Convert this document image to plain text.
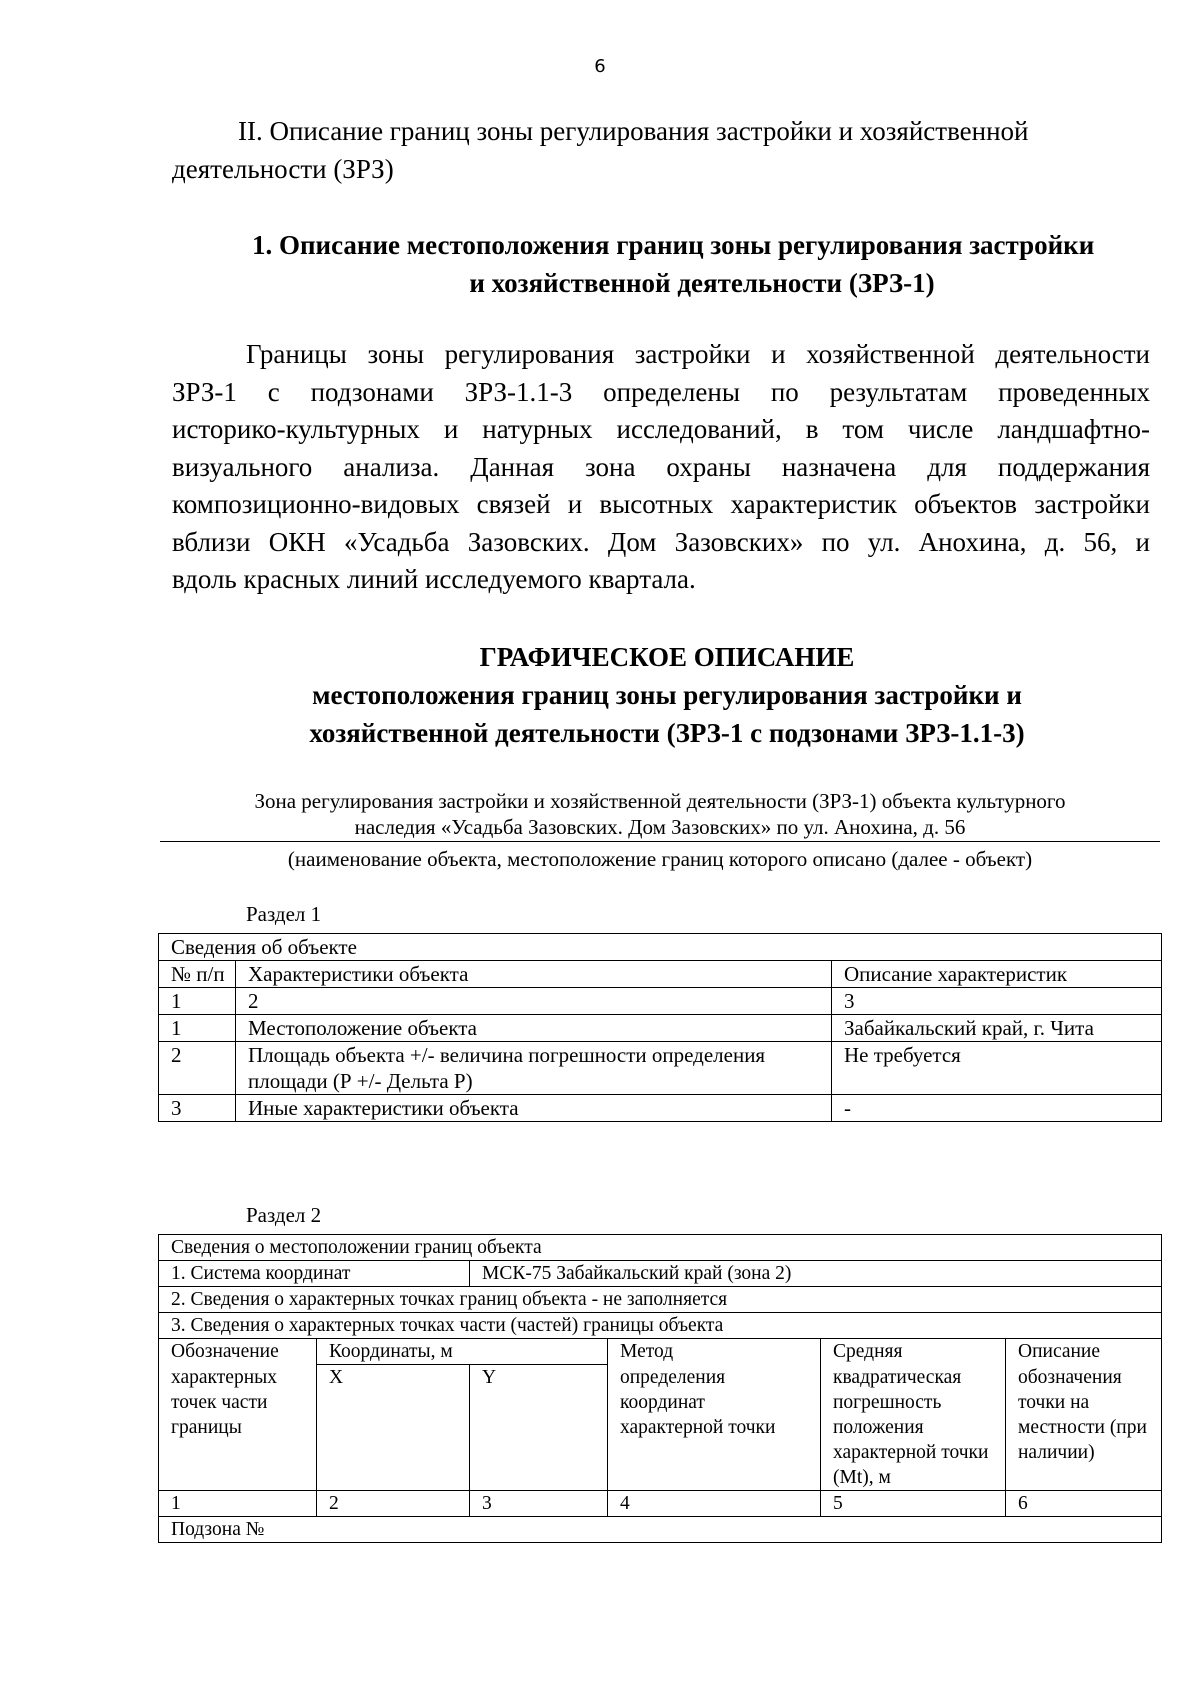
6
II. Описание границ зоны регулирования застройки и хозяйственной
деятельности (ЗРЗ)
1. Описание местоположения границ зоны регулирования застройки
и хозяйственной деятельности (ЗРЗ-1)
Границы зоны регулирования застройки и хозяйственной деятельности
ЗРЗ-1 с подзонами ЗРЗ-1.1-3 определены по результатам проведенных
историко-культурных и натурных исследований, в том числе ландшафтно-
визуального анализа. Данная зона охраны назначена для поддержания
композиционно-видовых связей и высотных характеристик объектов застройки
вблизи ОКН «Усадьба Зазовских. Дом Зазовских» по ул. Анохина, д. 56, и
вдоль красных линий исследуемого квартала.
ГРАФИЧЕСКОЕ ОПИСАНИЕ
местоположения границ зоны регулирования застройки и
хозяйственной деятельности (ЗРЗ-1 с подзонами ЗРЗ-1.1-3)
Зона регулирования застройки и хозяйственной деятельности (ЗРЗ-1) объекта культурного
наследия «Усадьба Зазовских. Дом Зазовских» по ул. Анохина, д. 56
(наименование объекта, местоположение границ которого описано (далее - объект)
Раздел 1
Сведения об объекте		
№ п/п	Характеристики объекта	Описание характеристик
1	2	3
1	Местоположение объекта	Забайкальский край, г. Чита
2	Площадь объекта +/- величина погрешности определения площади (Р +/- Дельта Р)	Не требуется
3	Иные характеристики объекта	-
Раздел 2
Сведения о местоположении границ объекта					
1. Система координат		МСК-75 Забайкальский край (зона 2)			
2. Сведения о характерных точках границ объекта - не заполняется					
3. Сведения о характерных точках части (частей) границы объекта					
Обозначение	Координаты, м		Метод	Средняя	Описание
характерных точек части границы	X	Y	определения координат характерной точки	квадратическая погрешность положения характерной точки (Mt), м	обозначения точки на местности (при наличии)
1	2	3	4	5	6
Подзона №					
